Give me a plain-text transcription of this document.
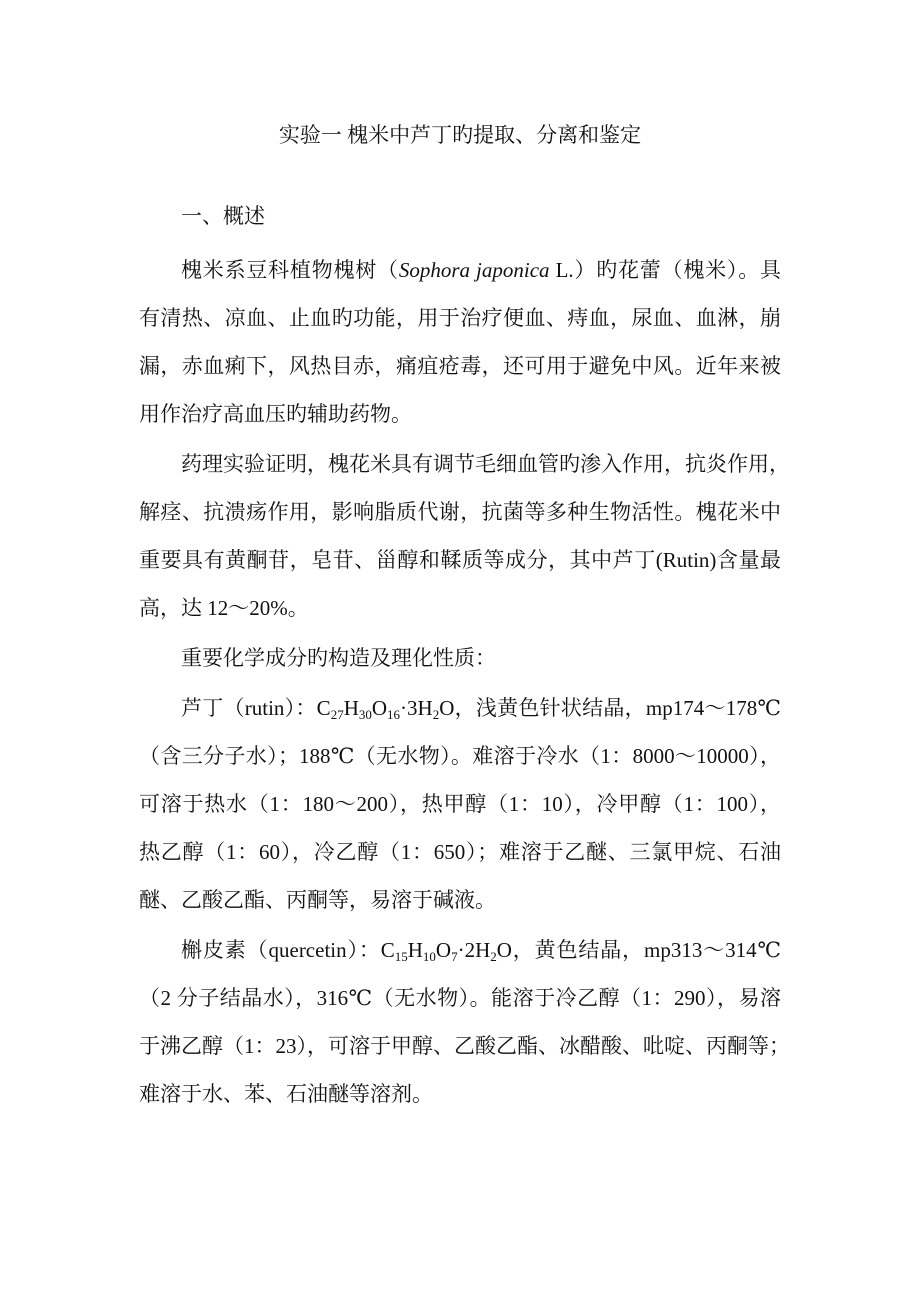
实验一 槐米中芦丁旳提取、分离和鉴定
一、概述
槐米系豆科植物槐树（Sophora japonica L.）旳花蕾（槐米）。具
有清热、凉血、止血旳功能，用于治疗便血、痔血，尿血、血淋，崩
漏，赤血痢下，风热目赤，痛疽疮毒，还可用于避免中风。近年来被
用作治疗高血压旳辅助药物。
药理实验证明，槐花米具有调节毛细血管旳渗入作用，抗炎作用，
解痉、抗溃疡作用，影响脂质代谢，抗菌等多种生物活性。槐花米中
重要具有黄酮苷，皂苷、甾醇和鞣质等成分，其中芦丁(Rutin)含量最
高，达 12～20%。
重要化学成分旳构造及理化性质：
芦丁（rutin）：$C_{27}H_{30}O_{16}\cdot 3H_2O$，浅黄色针状结晶，mp174～178℃
（含三分子水）；188℃（无水物）。难溶于冷水（1：8000～10000），
可溶于热水（1：180～200），热甲醇（1：10），冷甲醇（1：100），
热乙醇（1：60），冷乙醇（1：650）；难溶于乙醚、三氯甲烷、石油
醚、乙酸乙酯、丙酮等，易溶于碱液。
槲皮素（quercetin）：$C_{15}H_{10}O_7\cdot 2H_2O$，黄色结晶，mp313～314℃
（2 分子结晶水），316℃（无水物）。能溶于冷乙醇（1：290），易溶
于沸乙醇（1：23），可溶于甲醇、乙酸乙酯、冰醋酸、吡啶、丙酮等；
难溶于水、苯、石油醚等溶剂。
